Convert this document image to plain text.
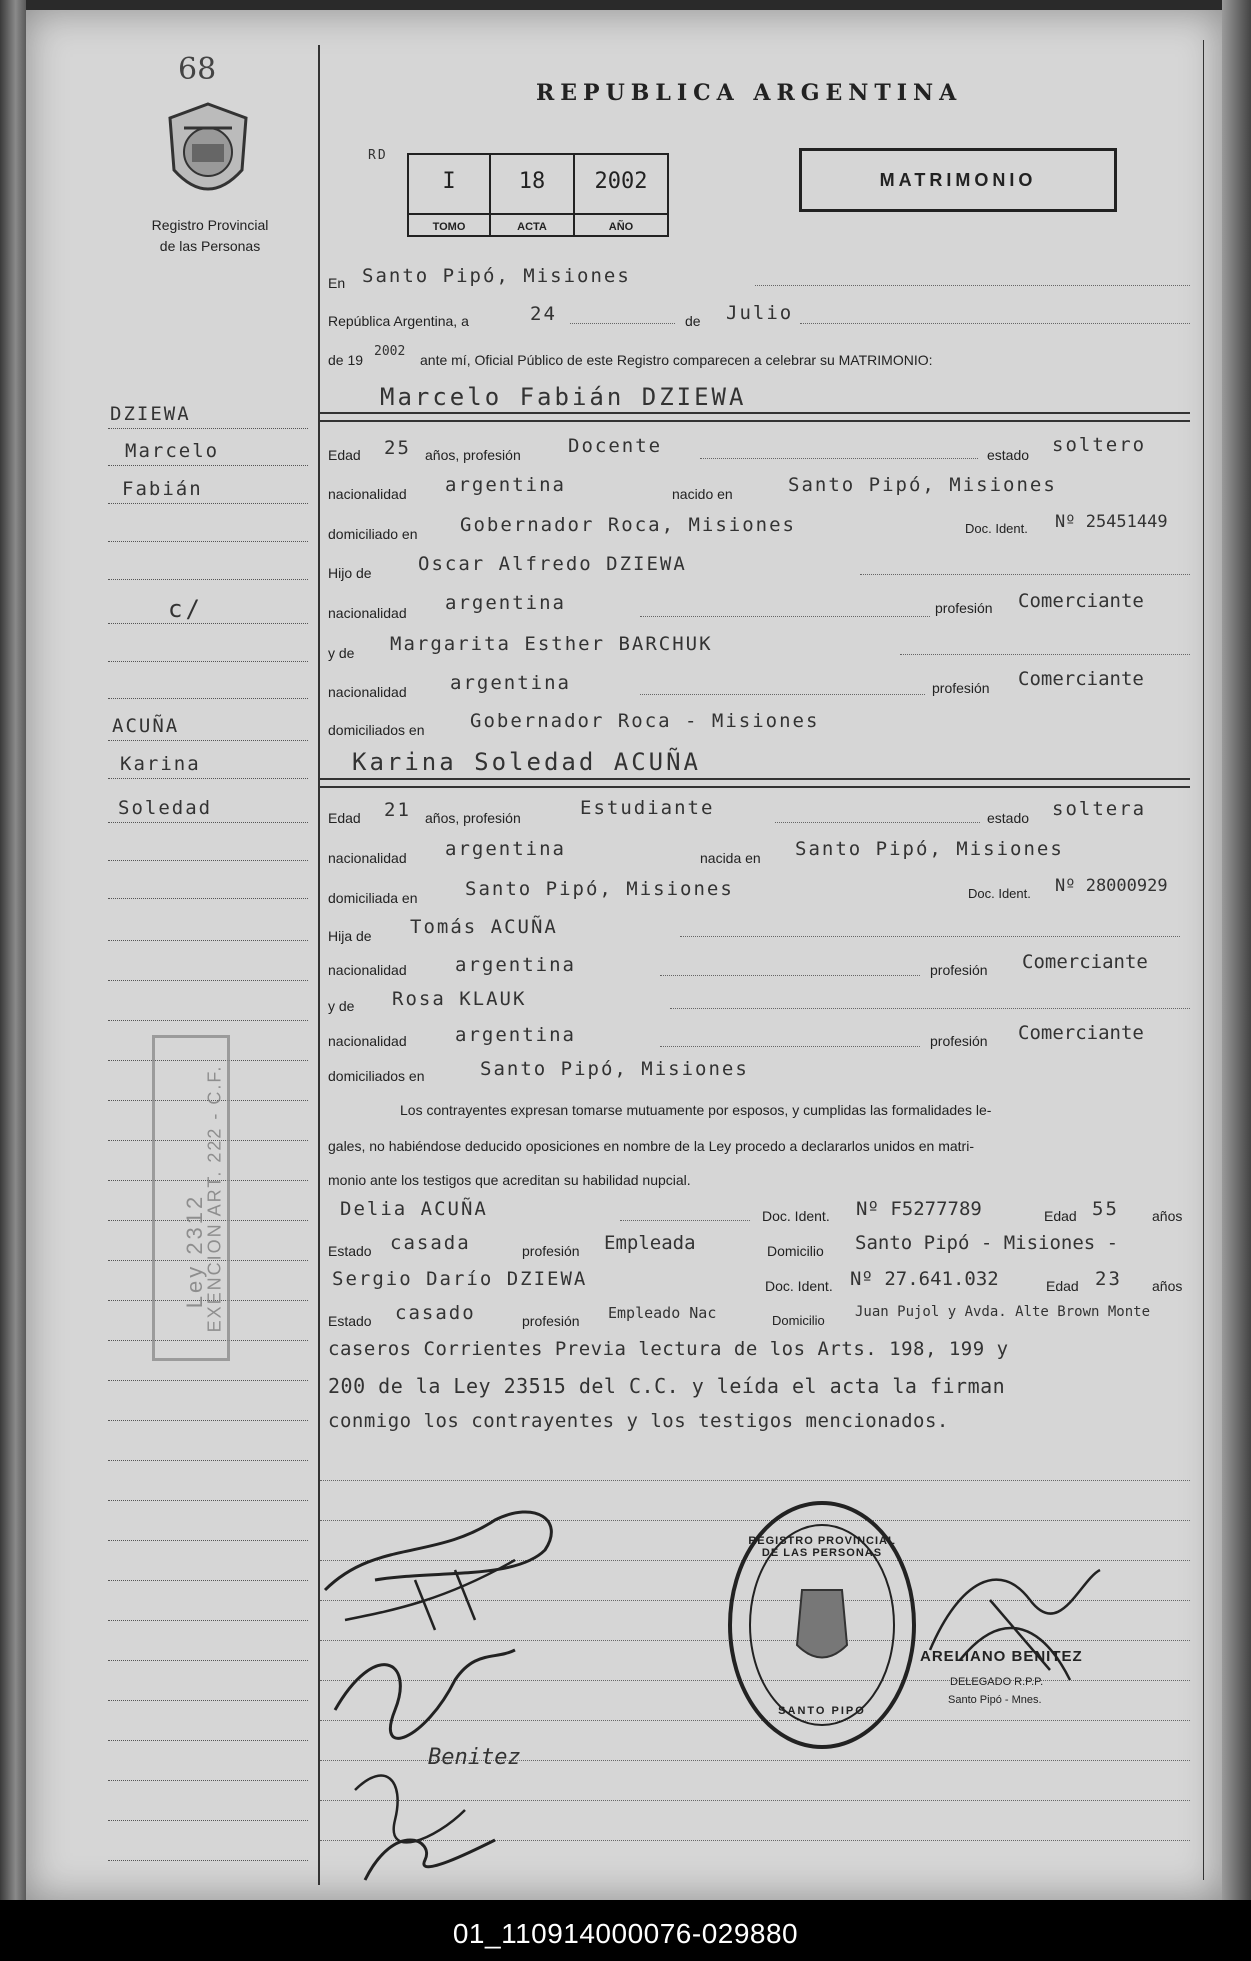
68
Registro Provincial
de las Personas
REPUBLICA ARGENTINA
RD
I
TOMO
18
ACTA
2002
AÑO
MATRIMONIO
En Santo Pipó, Misiones
República Argentina, a	24	de Julio
de 19
2002
ante mí, Oficial Público de este Registro comparecen a celebrar su MATRIMONIO:
DZIEWA
Marcelo
Fabián
c/
ACUÑA
Karina
Soledad
Ley 2312
EXENCION ART. 222 - C.F.
Marcelo Fabián DZIEWA
Edad 25 años, profesión Docente	estado soltero
nacionalidad argentina	nacido en	Santo Pipó, Misiones
domiciliado en Gobernador Roca, Misiones	Doc. Ident. Nº 25451449
Hijo de Oscar Alfredo DZIEWA
nacionalidad argentina	profesión Comerciante
y de Margarita Esther BARCHUK
nacionalidad argentina	profesión Comerciante
domiciliados en Gobernador Roca - Misiones
Karina Soledad ACUÑA
Edad 21 años, profesión	Estudiante	estado soltera
nacionalidad argentina	nacida en Santo Pipó, Misiones
domiciliada en	Santo Pipó, Misiones	Doc. Ident. Nº 28000929
Hija de Tomás ACUÑA
nacionalidad	argentina	profesión Comerciante
y de Rosa KLAUK
nacionalidad	argentina	profesión Comerciante
domiciliados en	Santo Pipó, Misiones
Los contrayentes expresan tomarse mutuamente por esposos, y cumplidas las formalidades le-
gales, no habiéndose deducido oposiciones en nombre de la Ley procedo a declararlos unidos en matri-
monio ante los testigos que acreditan su habilidad nupcial.
Delia ACUÑA	Doc. Ident. Nº F5277789	Edad 55 años
Estado casada	profesión Empleada	Domicilio Santo Pipó - Misiones -
Sergio Darío DZIEWA	Doc. Ident. Nº 27.641.032	Edad 23 años
Estado casado	profesión Empleado Nac	Domicilio
Juan Pujol y Avda. Alte Brown Monte
caseros Corrientes Previa lectura de los Arts. 198, 199 y
200 de la Ley 23515 del C.C. y leída el acta la firman
conmigo los contrayentes y los testigos mencionados.
Benitez
REGISTRO PROVINCIAL DE LAS PERSONAS
SANTO PIPO
ARELIANO BENITEZ
DELEGADO R.P.P.
Santo Pipó - Mnes.
01_110914000076-029880
